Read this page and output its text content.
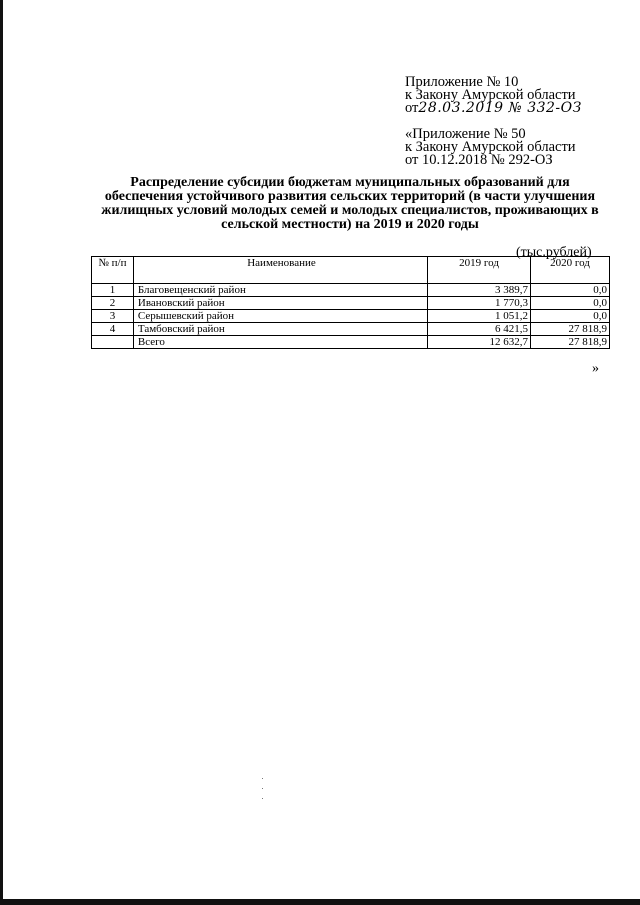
Приложение № 10
к Закону Амурской области
от28.03.2019 № 332-ОЗ
«Приложение № 50
к Закону Амурской области
от 10.12.2018 № 292-ОЗ
Распределение субсидии бюджетам муниципальных образований для обеспечения устойчивого развития сельских территорий (в части улучшения жилищных условий молодых семей и молодых специалистов, проживающих в сельской местности) на 2019 и 2020 годы
(тыс.рублей)
№ п/п	Наименование	2019 год	2020 год
1	Благовещенский район	3 389,7	0,0
2	Ивановский район	1 770,3	0,0
3	Серышевский район	1 051,2	0,0
4	Тамбовский район	6 421,5	27 818,9
	Всего	12 632,7	27 818,9
»
